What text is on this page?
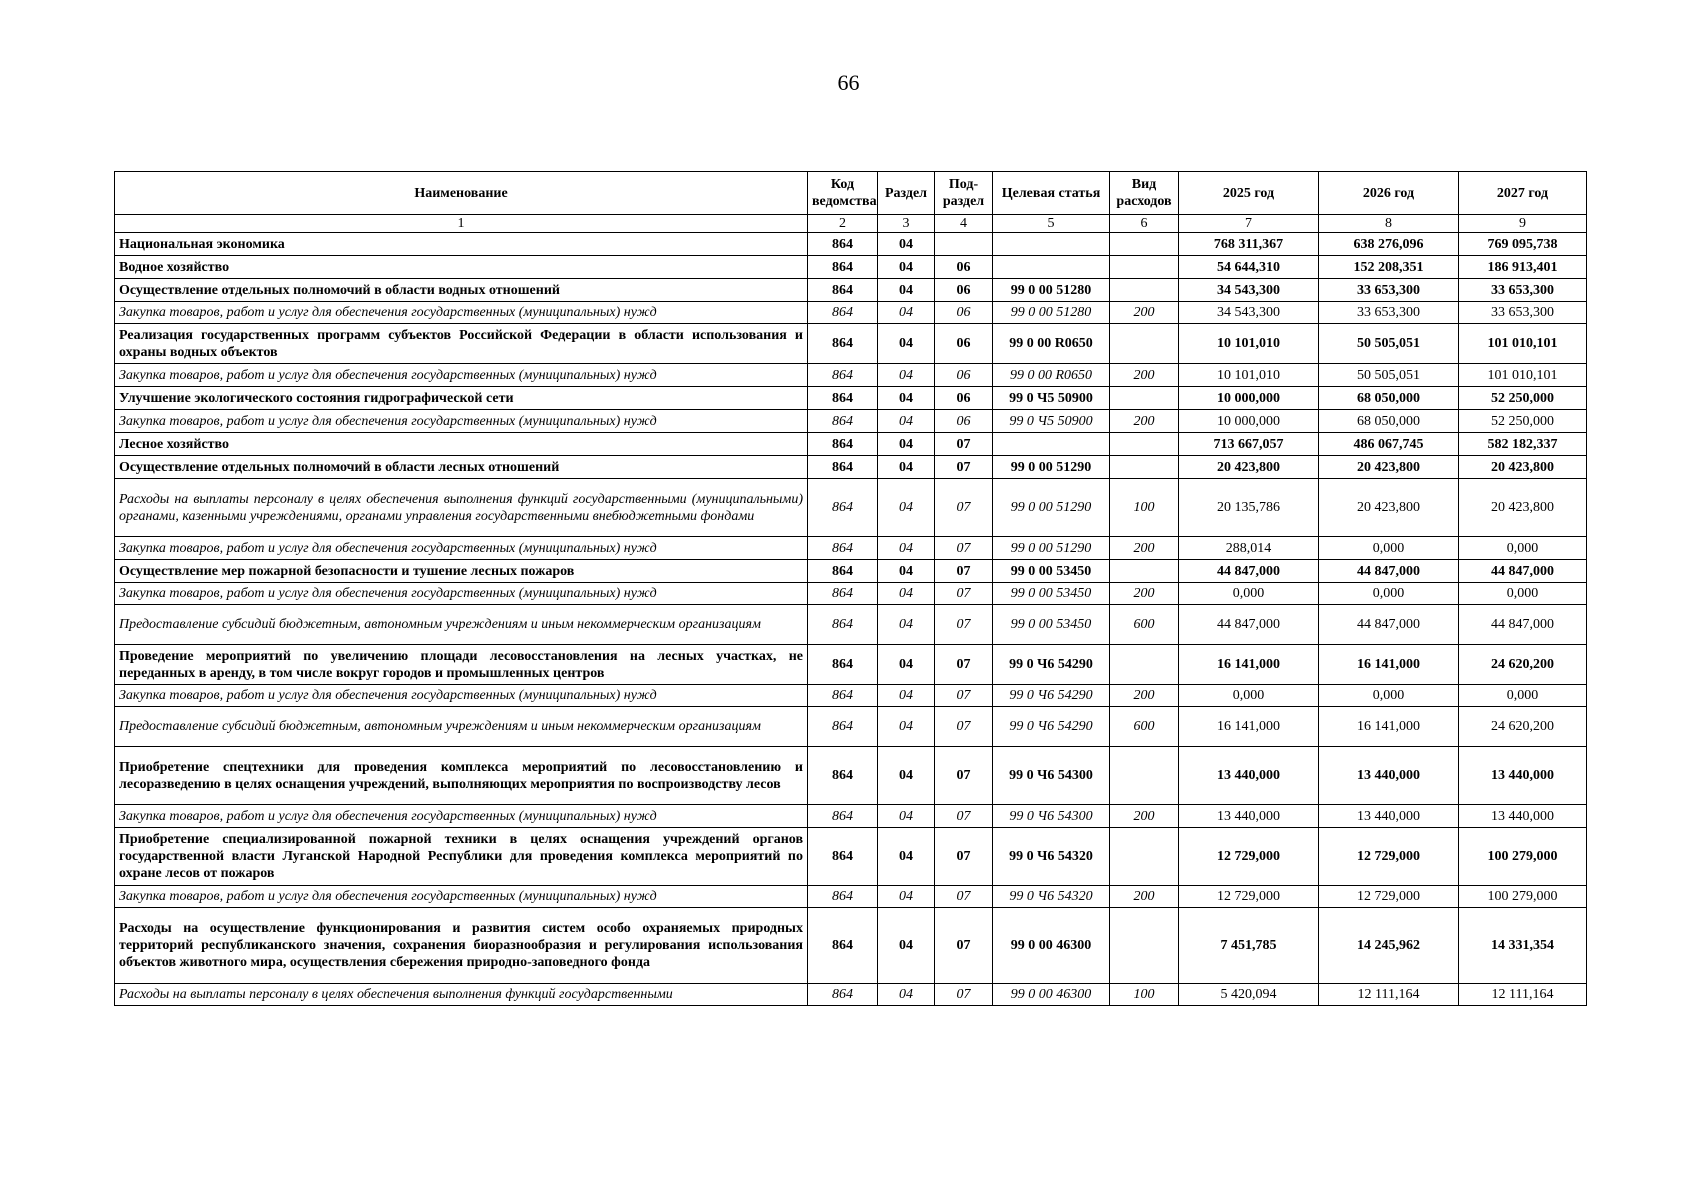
66
Наименование	Код ведомства	Раздел	Под-раздел	Целевая статья	Вид расходов	2025 год	2026 год	2027 год
1	2	3	4	5	6	7	8	9
Национальная экономика	864	04				768 311,367	638 276,096	769 095,738
Водное хозяйство	864	04	06			54 644,310	152 208,351	186 913,401
Осуществление отдельных полномочий в области водных отношений	864	04	06	99 0 00 51280		34 543,300	33 653,300	33 653,300
Закупка товаров, работ и услуг для обеспечения государственных (муниципальных) нужд	864	04	06	99 0 00 51280	200	34 543,300	33 653,300	33 653,300
Реализация государственных программ субъектов Российской Федерации в области использования и охраны водных объектов	864	04	06	99 0 00 R0650		10 101,010	50 505,051	101 010,101
Закупка товаров, работ и услуг для обеспечения государственных (муниципальных) нужд	864	04	06	99 0 00 R0650	200	10 101,010	50 505,051	101 010,101
Улучшение экологического состояния гидрографической сети	864	04	06	99 0 Ч5 50900		10 000,000	68 050,000	52 250,000
Закупка товаров, работ и услуг для обеспечения государственных (муниципальных) нужд	864	04	06	99 0 Ч5 50900	200	10 000,000	68 050,000	52 250,000
Лесное хозяйство	864	04	07			713 667,057	486 067,745	582 182,337
Осуществление отдельных полномочий в области лесных отношений	864	04	07	99 0 00 51290		20 423,800	20 423,800	20 423,800
Расходы на выплаты персоналу в целях обеспечения выполнения функций государственными (муниципальными) органами, казенными учреждениями, органами управления государственными внебюджетными фондами	864	04	07	99 0 00 51290	100	20 135,786	20 423,800	20 423,800
Закупка товаров, работ и услуг для обеспечения государственных (муниципальных) нужд	864	04	07	99 0 00 51290	200	288,014	0,000	0,000
Осуществление мер пожарной безопасности и тушение лесных пожаров	864	04	07	99 0 00 53450		44 847,000	44 847,000	44 847,000
Закупка товаров, работ и услуг для обеспечения государственных (муниципальных) нужд	864	04	07	99 0 00 53450	200	0,000	0,000	0,000
Предоставление субсидий бюджетным, автономным учреждениям и иным некоммерческим организациям	864	04	07	99 0 00 53450	600	44 847,000	44 847,000	44 847,000
Проведение мероприятий по увеличению площади лесовосстановления на лесных участках, не переданных в аренду, в том числе вокруг городов и промышленных центров	864	04	07	99 0 Ч6 54290		16 141,000	16 141,000	24 620,200
Закупка товаров, работ и услуг для обеспечения государственных (муниципальных) нужд	864	04	07	99 0 Ч6 54290	200	0,000	0,000	0,000
Предоставление субсидий бюджетным, автономным учреждениям и иным некоммерческим организациям	864	04	07	99 0 Ч6 54290	600	16 141,000	16 141,000	24 620,200
Приобретение спецтехники для проведения комплекса мероприятий по лесовосстановлению и лесоразведению в целях оснащения учреждений, выполняющих мероприятия по воспроизводству лесов	864	04	07	99 0 Ч6 54300		13 440,000	13 440,000	13 440,000
Закупка товаров, работ и услуг для обеспечения государственных (муниципальных) нужд	864	04	07	99 0 Ч6 54300	200	13 440,000	13 440,000	13 440,000
Приобретение специализированной пожарной техники в целях оснащения учреждений органов государственной власти Луганской Народной Республики для проведения комплекса мероприятий по охране лесов от пожаров	864	04	07	99 0 Ч6 54320		12 729,000	12 729,000	100 279,000
Закупка товаров, работ и услуг для обеспечения государственных (муниципальных) нужд	864	04	07	99 0 Ч6 54320	200	12 729,000	12 729,000	100 279,000
Расходы на осуществление функционирования и развития систем особо охраняемых природных территорий республиканского значения, сохранения биоразнообразия и регулирования использования объектов животного мира, осуществления сбережения природно-заповедного фонда	864	04	07	99 0 00 46300		7 451,785	14 245,962	14 331,354
Расходы на выплаты персоналу в целях обеспечения выполнения функций государственными	864	04	07	99 0 00 46300	100	5 420,094	12 111,164	12 111,164
